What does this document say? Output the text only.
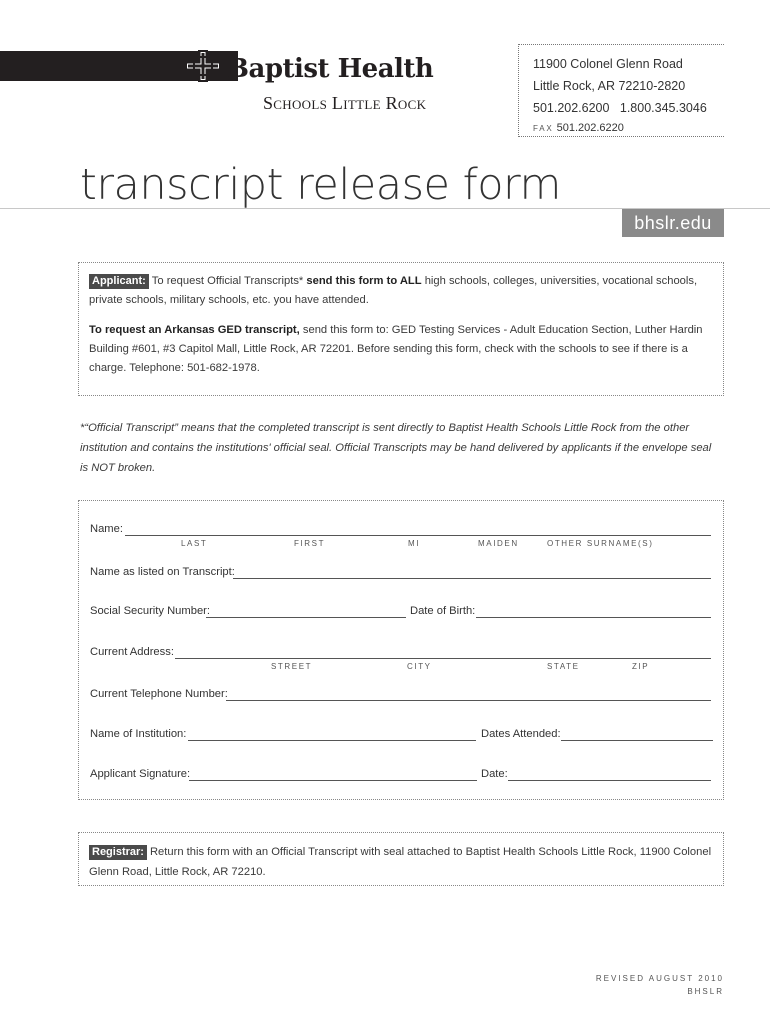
Baptist Health
Schools Little Rock
11900 Colonel Glenn Road
Little Rock, AR 72210-2820
501.202.6200   1.800.345.3046
FAX 501.202.6220
transcript release form
bhslr.edu

Applicant: To request Official Transcripts* send this form to ALL high schools, colleges, universities, vocational schools, private schools, military schools, etc. you have attended.

To request an Arkansas GED transcript, send this form to: GED Testing Services - Adult Education Section, Luther Hardin Building #601, #3 Capitol Mall, Little Rock, AR 72201. Before sending this form, check with the schools to see if there is a charge. Telephone: 501-682-1978.

*“Official Transcript” means that the completed transcript is sent directly to Baptist Health Schools Little Rock from the other institution and contains the institutions' official seal. Official Transcripts may be hand delivered by applicants if the envelope seal is NOT broken.
Name:
LAST	FIRST	MI	MAIDEN	OTHER SURNAME(S)
Name as listed on Transcript:
Social Security Number:	Date of Birth:
Current Address:
STREET	CITY	STATE	ZIP
Current Telephone Number:
Name of Institution:	Dates Attended:
Applicant Signature:	Date:
Registrar: Return this form with an Official Transcript with seal attached to Baptist Health Schools Little Rock, 11900 Colonel Glenn Road, Little Rock, AR 72210.
REVISED AUGUST 2010
BHSLR
